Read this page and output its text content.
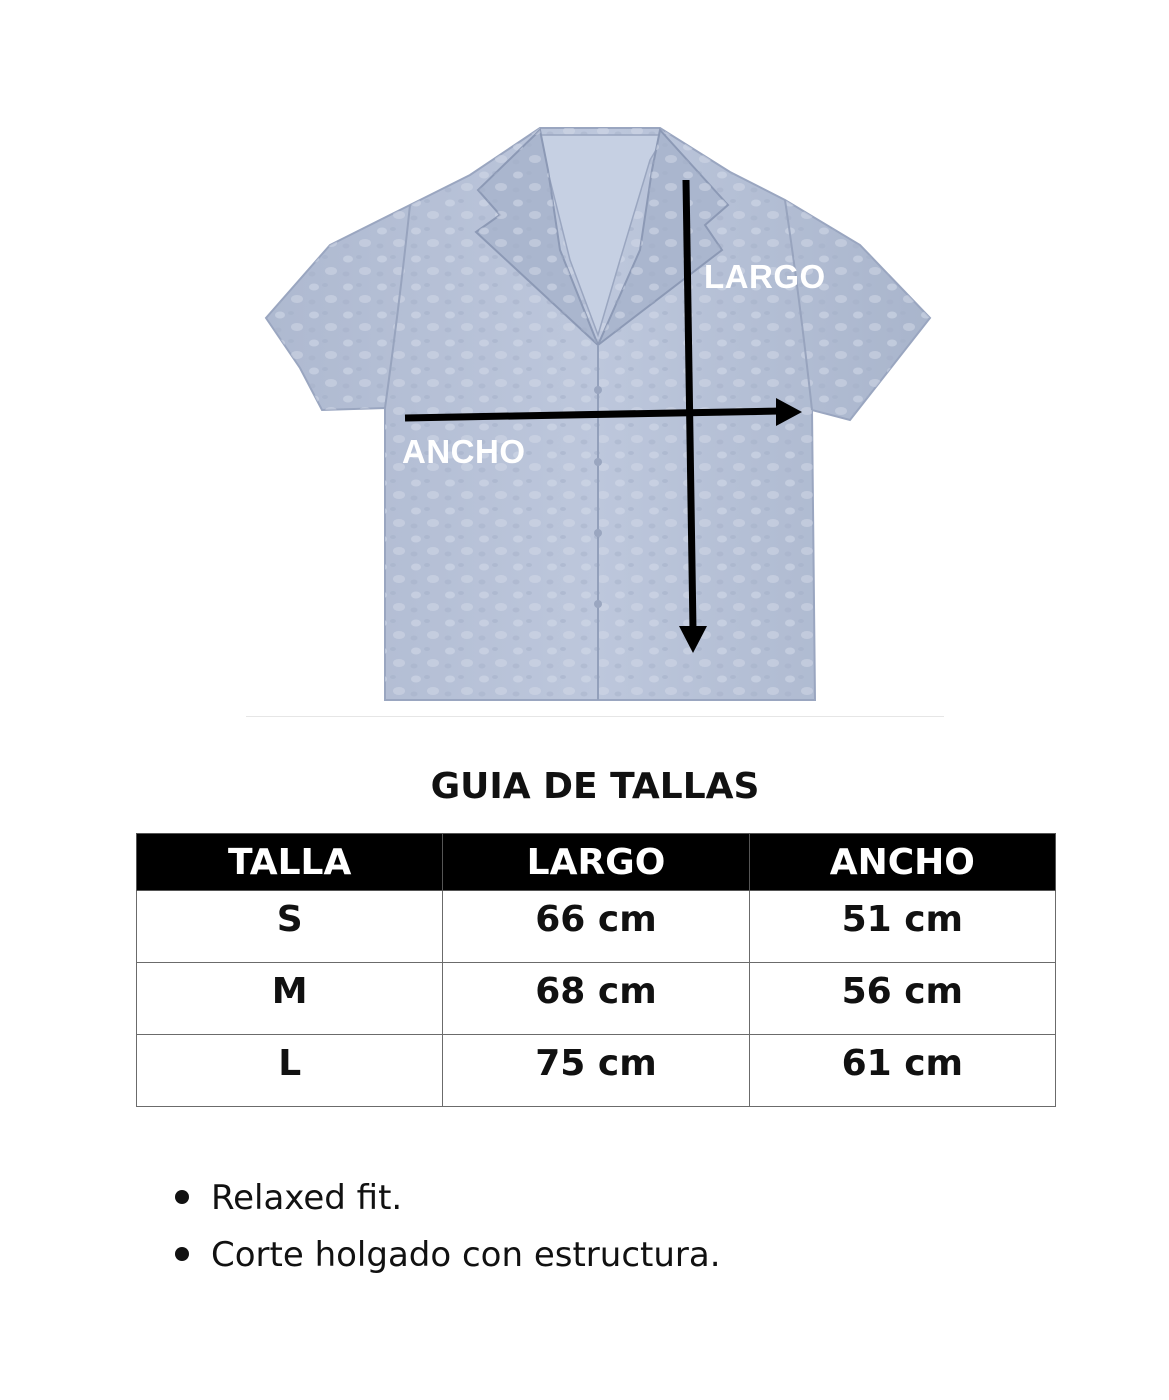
LARGO
ANCHO
GUIA DE TALLAS
TALLA	LARGO	ANCHO
S	66 cm	51 cm
M	68 cm	56 cm
L	75 cm	61 cm
Relaxed fit.
Corte holgado con estructura.
